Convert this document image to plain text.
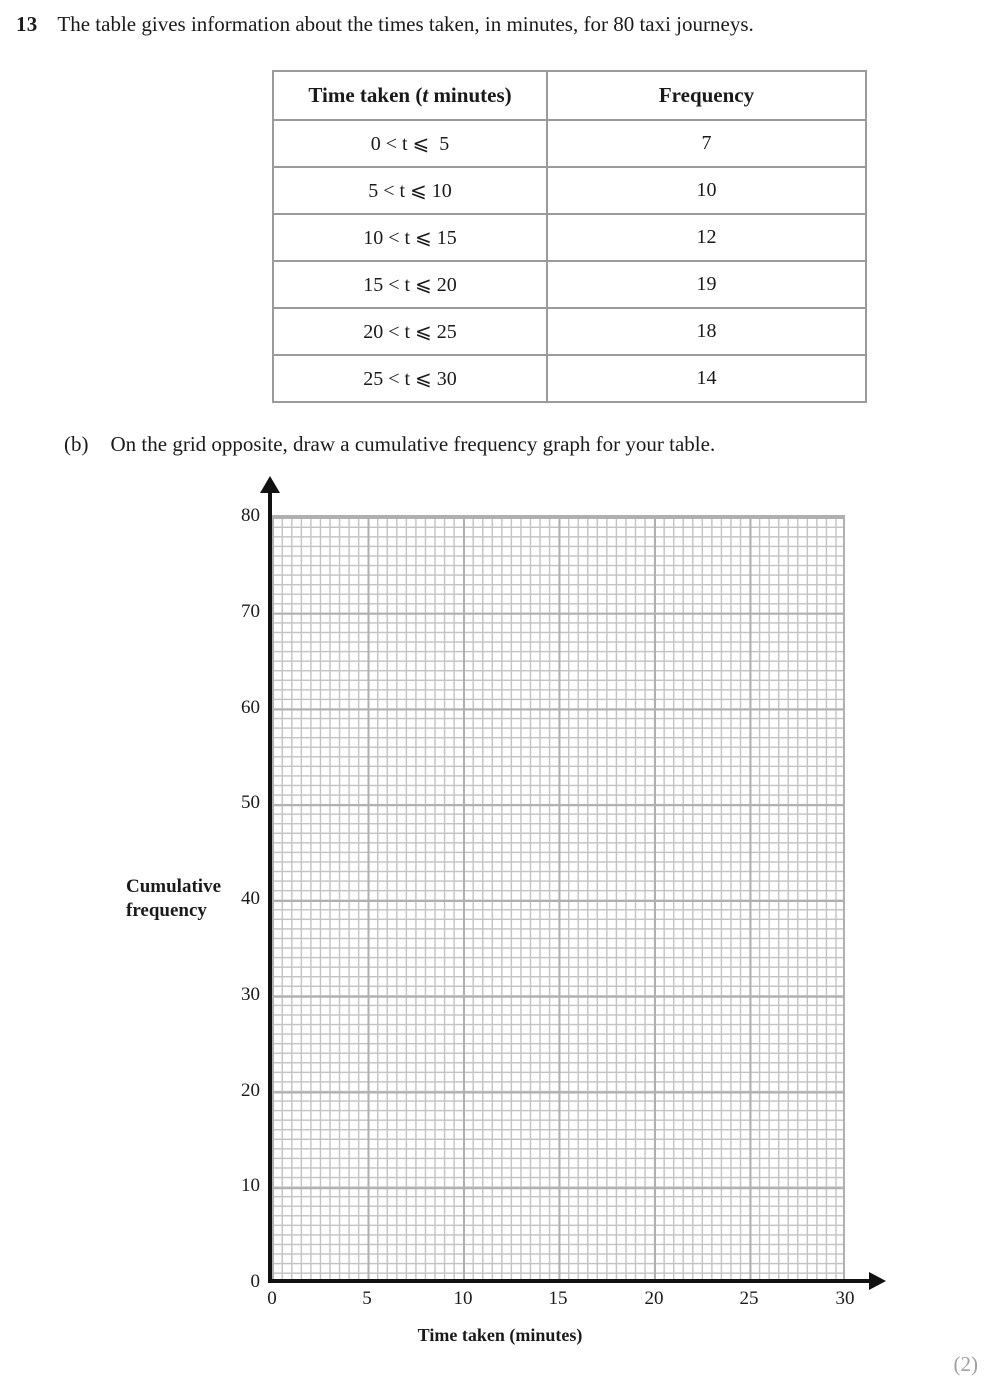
13 The table gives information about the times taken, in minutes, for 80 taxi journeys.
Time taken (t minutes)	Frequency
0 < t ⩽  5	7
5 < t ⩽ 10	10
10 < t ⩽ 15	12
15 < t ⩽ 20	19
20 < t ⩽ 25	18
25 < t ⩽ 30	14
(b) On the grid opposite, draw a cumulative frequency graph for your table.
80
70
60
50
40
30
20
10
0
0	5	10	15	20	25	30
Cumulative
frequency
Time taken (minutes)
(2)
